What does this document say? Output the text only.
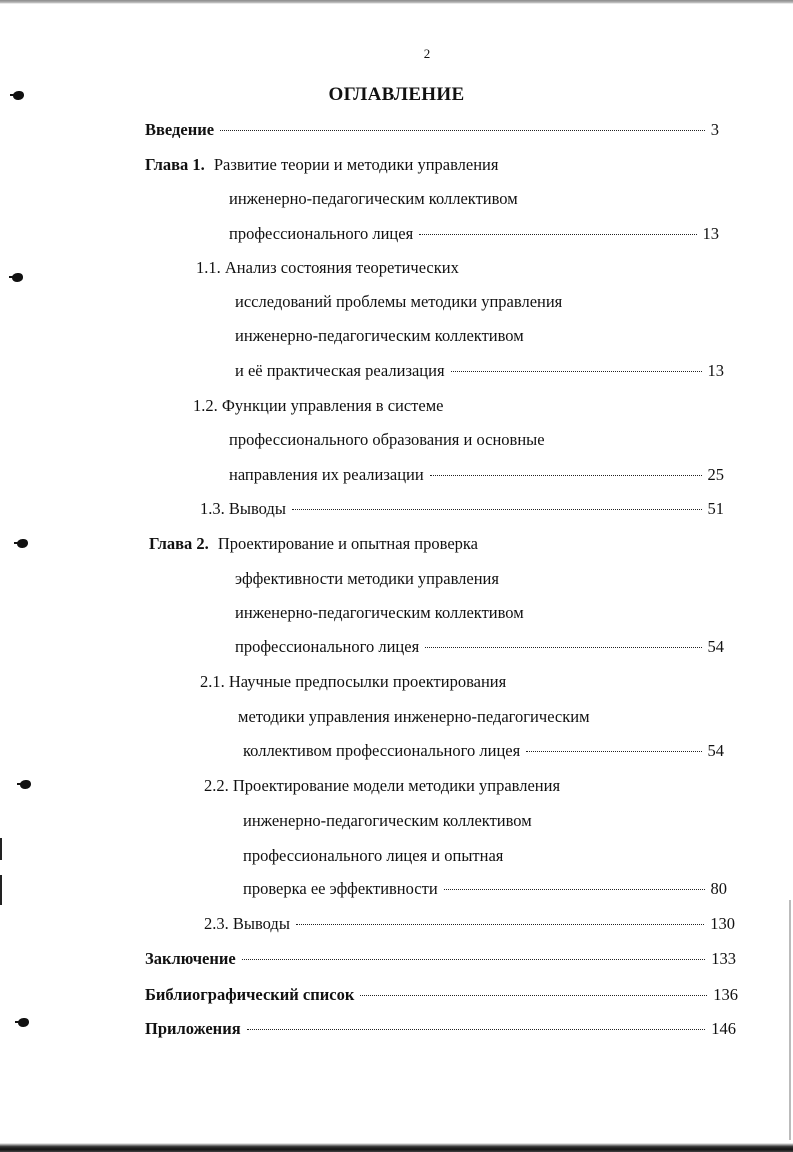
2
ОГЛАВЛЕНИЕ
Введение	3
Глава 1. Развитие теории и методики управления
инженерно-педагогическим коллективом
профессионального лицея	13
1.1. Анализ состояния теоретических
исследований проблемы методики управления
инженерно-педагогическим коллективом
и её практическая реализация	13
1.2. Функции управления в системе
профессионального образования и основные
направления их реализации	25
1.3. Выводы	51
Глава 2. Проектирование и опытная проверка
эффективности методики управления
инженерно-педагогическим коллективом
профессионального лицея	54
2.1. Научные предпосылки проектирования
методики управления инженерно-педагогическим
коллективом профессионального лицея	54
2.2. Проектирование модели методики управления
инженерно-педагогическим коллективом
профессионального лицея и опытная
проверка ее эффективности	80
2.3. Выводы	130
Заключение	133
Библиографический список	136
Приложения	146
